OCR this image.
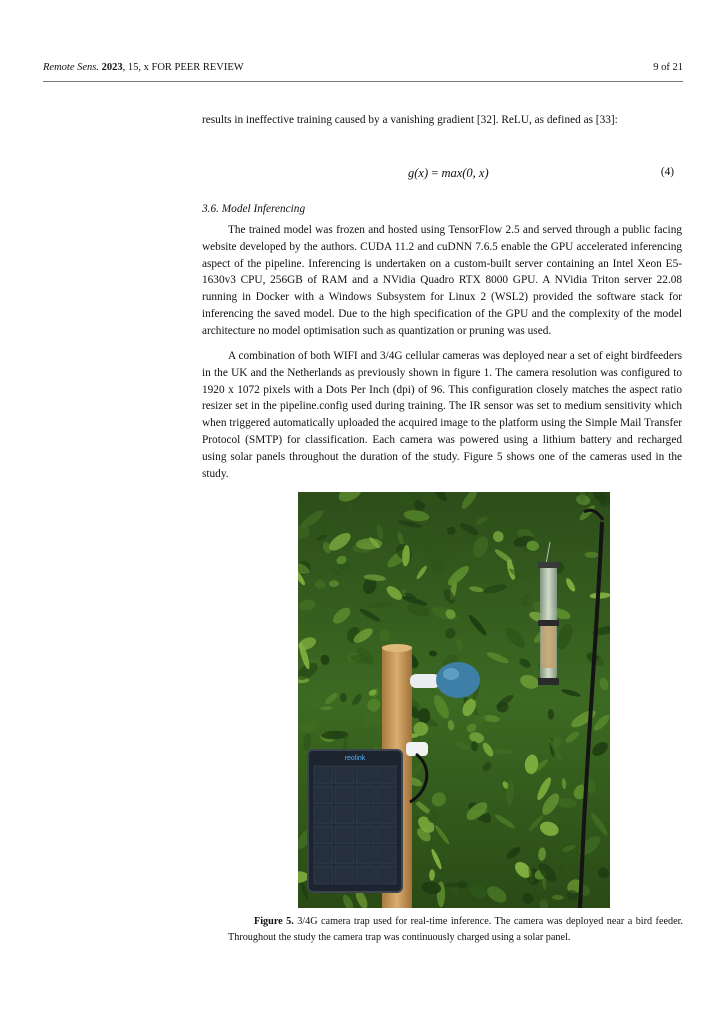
Remote Sens. 2023, 15, x FOR PEER REVIEW	9 of 21

results in ineffective training caused by a vanishing gradient [32]. ReLU, as defined as [33]:

g(x) = max(0, x)	(4)
3.6. Model Inferencing

The trained model was frozen and hosted using TensorFlow 2.5 and served through a public facing website developed by the authors. CUDA 11.2 and cuDNN 7.6.5 enable the GPU accelerated inferencing aspect of the pipeline. Inferencing is undertaken on a custom-built server containing an Intel Xeon E5-1630v3 CPU, 256GB of RAM and a NVidia Quadro RTX 8000 GPU. A NVidia Triton server 22.08 running in Docker with a Windows Subsystem for Linux 2 (WSL2) provided the software stack for inferencing the saved model. Due to the high specification of the GPU and the complexity of the model architecture no model optimisation such as quantization or pruning was used.

A combination of both WIFI and 3/4G cellular cameras was deployed near a set of eight birdfeeders in the UK and the Netherlands as previously shown in figure 1. The camera resolution was configured to 1920 x 1072 pixels with a Dots Per Inch (dpi) of 96. This configuration closely matches the aspect ratio resizer set in the pipeline.config used during training. The IR sensor was set to medium sensitivity which when triggered automatically uploaded the acquired image to the platform using the Simple Mail Transfer Protocol (SMTP) for classification. Each camera was powered using a lithium battery and recharged using solar panels throughout the duration of the study. Figure 5 shows one of the cameras used in the study.

reolink
Figure 5. 3/4G camera trap used for real-time inference. The camera was deployed near a bird feeder. Throughout the study the camera trap was continuously charged using a solar panel.
